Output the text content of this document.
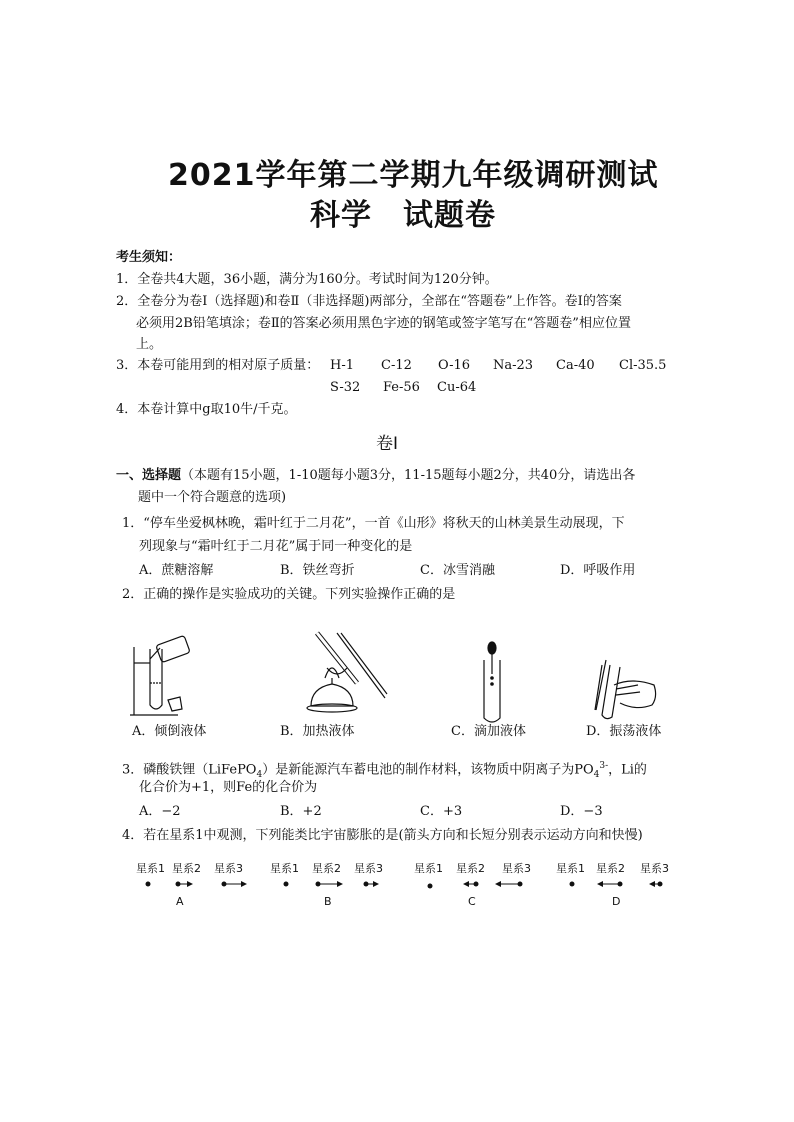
2021学年第二学期九年级调研测试
科学　试题卷
考生须知：
1．全卷共4大题，36小题，满分为160分。考试时间为120分钟。
2．全卷分为卷Ⅰ（选择题)和卷Ⅱ（非选择题)两部分，全部在“答题卷”上作答。卷Ⅰ的答案
必须用2B铅笔填涂；卷Ⅱ的答案必须用黑色字迹的钢笔或签字笔写在“答题卷”相应位置
上。
3．本卷可能用到的相对原子质量： H-1 C-12 O-16 Na-23 Ca-40 Cl-35.5
S-32 Fe-56 Cu-64
4．本卷计算中g取10牛/千克。
卷Ⅰ
一、选择题（本题有15小题，1-10题每小题3分，11-15题每小题2分，共40分，请选出各
题中一个符合题意的选项)
1．“停车坐爱枫林晚，霜叶红于二月花”，一首《山形》将秋天的山林美景生动展现，下
列现象与“霜叶红于二月花”属于同一种变化的是
A．蔗糖溶解	B．铁丝弯折	C．冰雪消融	D．呼吸作用
2．正确的操作是实验成功的关键。下列实验操作正确的是
A．倾倒液体	B．加热液体	C．滴加液体	D．振荡液体
3．磷酸铁锂（LiFePO$_4$）是新能源汽车蓄电池的制作材料，该物质中阴离子为$PO_4^{3-}$，Li的
化合价为+1，则Fe的化合价为
A．−2	B．+2	C．+3	D．−3
4．若在星系1中观测，下列能类比宇宙膨胀的是(箭头方向和长短分别表示运动方向和快慢)
星系1 星系2 星系3
A
星系1 星系2 星系3
B
星系1 星系2 星系3
C
星系1 星系2 星系3
D
